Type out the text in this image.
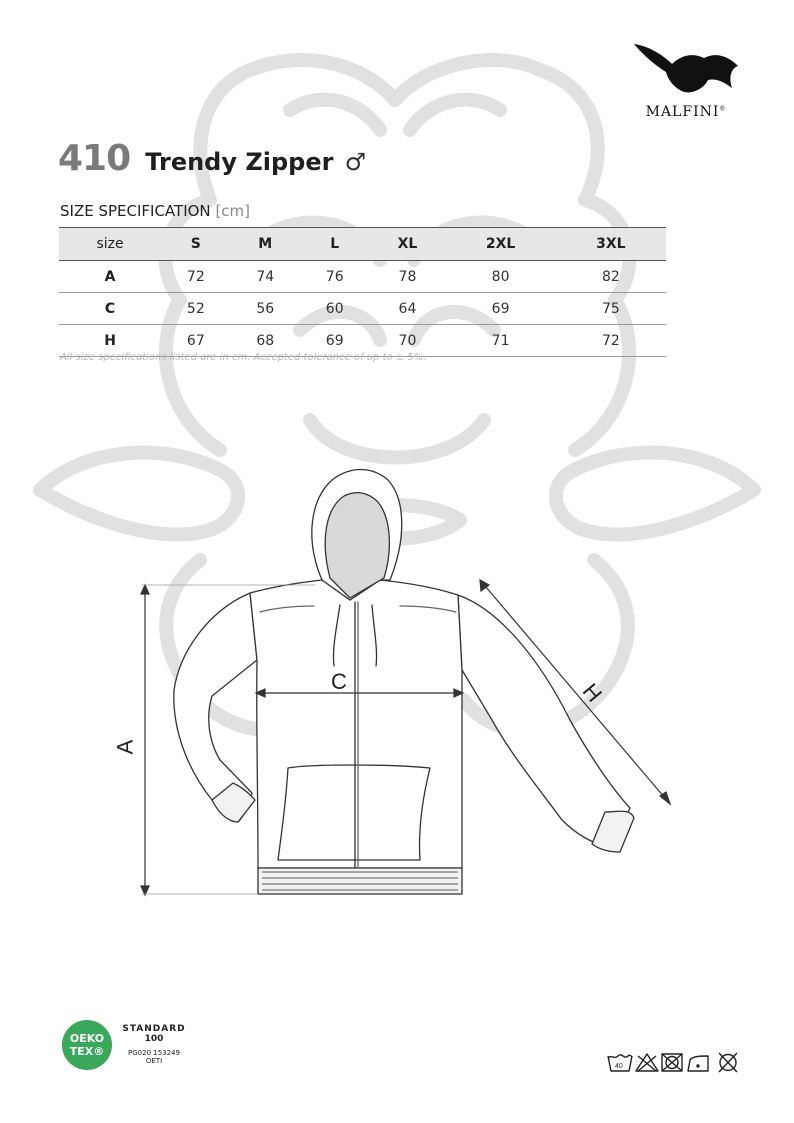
MALFINI®
410 Trendy Zipper ♂
SIZE SPECIFICATION [cm]
size	S	M	L	XL	2XL	3XL
A	72	74	76	78	80	82
C	52	56	60	64	69	75
H	67	68	69	70	71	72
All size specifications listed are in cm. Accepted tolerance of up to ± 5%.
A
C	H
OEKO
TEX®
STANDARD
100
PG020 153249
OETI
40
